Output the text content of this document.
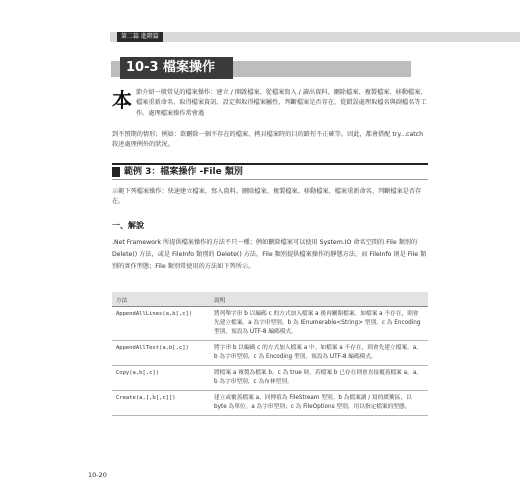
第二篇 進階篇
10-3 檔案操作
本 節介紹一般常見的檔案操作：建立 / 開啟檔案、從檔案寫入 / 讀出資料、刪除檔案、複製檔案、移動檔案、檔案重新命名、取得檔案資訊、設定與取得檔案屬性、判斷檔案是否存在，從錯誤處理取檔名與副檔名等工作。處理檔案操作常會遇
到不預期的情形；例如：欲刪除一個不存在的檔案、拷貝檔案時的目的路徑不正確等。因此，都會搭配 try...catch 敘述處理例外的狀況。
範例 3：檔案操作 -File 類別
示範下列檔案操作：快速建立檔案、寫入資料、刪除檔案、複製檔案、移動檔案、檔案重新命名、判斷檔案是否存在。
一、解說
.Net Framework 所提供檔案操作的方法不只一種；例如刪除檔案可以使用 System.IO 命名空間的 File 類別的 Delete() 方法，或是 FileInfo 類別的 Delete() 方法。File 類別提供檔案操作的靜態方法，而 FileInfo 則是 File 類別的實作型態；File 類別常使用的方法如下列所示。
方法	說明
AppendAllLines(a,b[,c])	將列舉字串 b 以編碼 c 的方式加入檔案 a 後再關閉檔案。如檔案 a 不存在，則會先建立檔案。a 為字串型別，b 為 IEnumerable<String> 型別，c 為 Encoding 型別，預設為 UTF-8 編碼模式。
AppendAllText(a,b[,c])	將字串 b 以編碼 c 的方式加入檔案 a 中。如檔案 a 不存在，則會先建立檔案。a、b 為字串型別，c 為 Encoding 型別，預設為 UTF-8 編碼模式。
Copy(a,b[,c])	將檔案 a 複製為檔案 b。c 為 true 時，若檔案 b 已存在則會直接覆蓋檔案 a。a、b 為字串型別，c 為布林型別。
Create(a,[,b[,c]])	建立或覆蓋檔案 a，回傳值為 FileStream 型別。b 為檔案讀 / 寫的緩衝區，以 byte 為單位。a 為字串型別；c 為 FileOptions 型別，用以指定檔案的型態。
10-20
